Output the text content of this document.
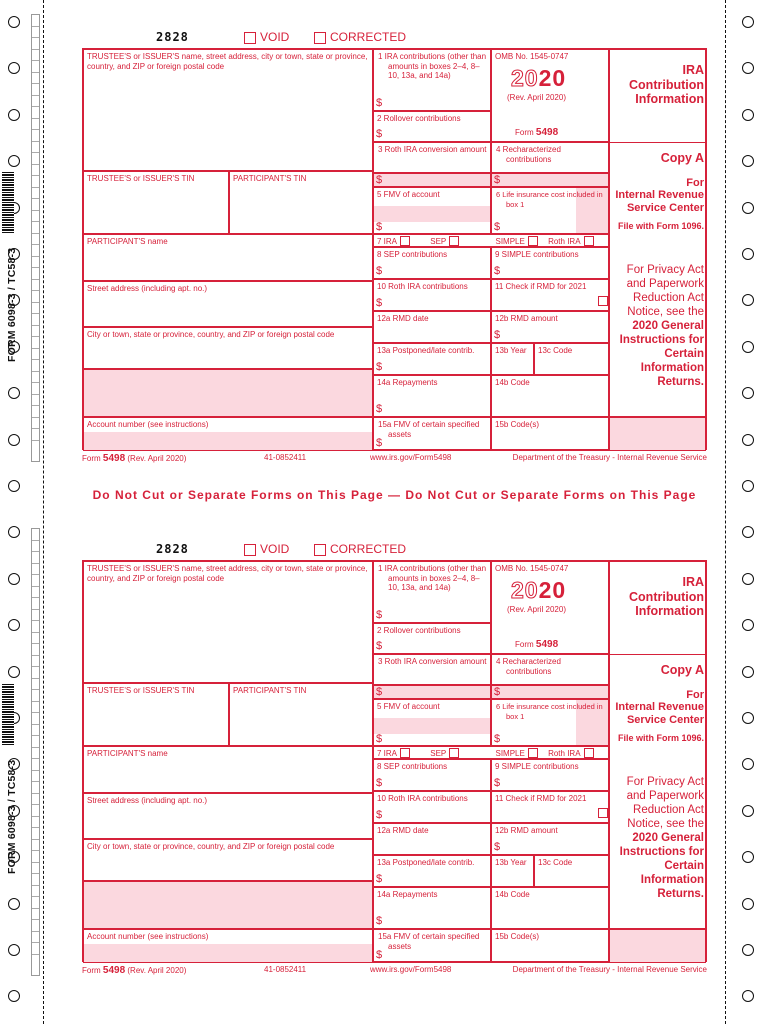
FORM 6098-3 / TC58-3
FORM 6098-3 / TC58-3
2828	VOID	CORRECTED
TRUSTEE'S or ISSUER'S name, street address, city or town, state or province, country, and ZIP or foreign postal code
TRUSTEE'S or ISSUER'S TIN	PARTICIPANT'S TIN
PARTICIPANT'S name
Street address (including apt. no.)
City or town, state or province, country, and ZIP or foreign postal code
Account number (see instructions)
1 IRA contributions (other than amounts in boxes 2–4, 8–10, 13a, and 14a)
$
2 Rollover contributions
$
3 Roth IRA conversion amount
$
5 FMV of account
$
7 IRA	SEP	SIMPLE	Roth IRA
8 SEP contributions
$
10 Roth IRA contributions
$
12a RMD date
13a Postponed/late contrib.
$
14a Repayments
$
15a FMV of certain specified assets
$
OMB No. 1545-0747
2020
(Rev. April 2020)
Form 5498
4 Recharacterized contributions
$
6 Life insurance cost included in box 1
$
9 SIMPLE contributions
$
11 Check if RMD for 2021
12b RMD amount
$
13b Year	13c Code
14b Code
15b Code(s)
IRA Contribution Information
Copy A
For
Internal Revenue Service Center
File with Form 1096.
For Privacy Act and Paperwork Reduction Act Notice, see the
2020 General Instructions for Certain Information Returns.
Form 5498 (Rev. April 2020)	41-0852411	www.irs.gov/Form5498	Department of the Treasury - Internal Revenue Service
Do Not Cut or Separate Forms on This Page — Do Not Cut or Separate Forms on This Page
2828	VOID	CORRECTED
TRUSTEE'S or ISSUER'S name, street address, city or town, state or province, country, and ZIP or foreign postal code
TRUSTEE'S or ISSUER'S TIN	PARTICIPANT'S TIN
PARTICIPANT'S name
Street address (including apt. no.)
City or town, state or province, country, and ZIP or foreign postal code
Account number (see instructions)
1 IRA contributions (other than amounts in boxes 2–4, 8–10, 13a, and 14a)
$
2 Rollover contributions
$
3 Roth IRA conversion amount
$
5 FMV of account
$
7 IRA	SEP	SIMPLE	Roth IRA
8 SEP contributions
$
10 Roth IRA contributions
$
12a RMD date
13a Postponed/late contrib.
$
14a Repayments
$
15a FMV of certain specified assets
$
OMB No. 1545-0747
2020
(Rev. April 2020)
Form 5498
4 Recharacterized contributions
$
6 Life insurance cost included in box 1
$
9 SIMPLE contributions
$
11 Check if RMD for 2021
12b RMD amount
$
13b Year	13c Code
14b Code
15b Code(s)
IRA Contribution Information
Copy A
For
Internal Revenue Service Center
File with Form 1096.
For Privacy Act and Paperwork Reduction Act Notice, see the
2020 General Instructions for Certain Information Returns.
Form 5498 (Rev. April 2020)	41-0852411	www.irs.gov/Form5498	Department of the Treasury - Internal Revenue Service
